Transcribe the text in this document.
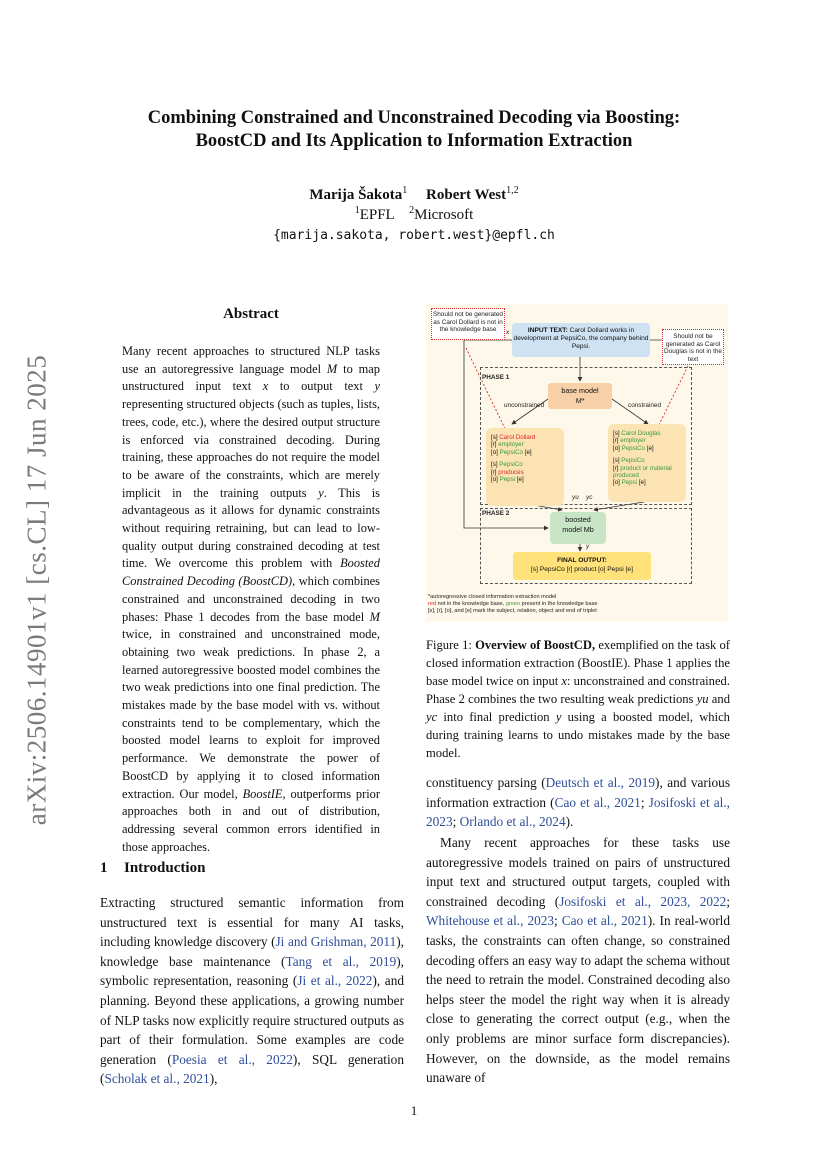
arXiv:2506.14901v1 [cs.CL] 17 Jun 2025
Combining Constrained and Unconstrained Decoding via Boosting:
BoostCD and Its Application to Information Extraction
Marija Šakota$^1$ Robert West$^{1,2}$
$^1$EPFL $^2$Microsoft
{marija.sakota, robert.west}@epfl.ch
Abstract
Many recent approaches to structured NLP tasks use an autoregressive language model M to map unstructured input text x to output text y representing structured objects (such as tuples, lists, trees, code, etc.), where the desired output structure is enforced via constrained decoding. During training, these approaches do not require the model to be aware of the constraints, which are merely implicit in the training outputs y. This is advantageous as it allows for dynamic constraints without requiring retraining, but can lead to low-quality output during constrained decoding at test time. We overcome this problem with Boosted Constrained Decoding (BoostCD), which combines constrained and unconstrained decoding in two phases: Phase 1 decodes from the base model M twice, in constrained and unconstrained mode, obtaining two weak predictions. In phase 2, a learned autoregressive boosted model combines the two weak predictions into one final prediction. The mistakes made by the base model with vs. without constraints tend to be complementary, which the boosted model learns to exploit for improved performance. We demonstrate the power of BoostCD by applying it to closed information extraction. Our model, BoostIE, outperforms prior approaches both in and out of distribution, addressing several common errors identified in those approaches.
1 Introduction
Extracting structured semantic information from unstructured text is essential for many AI tasks, including knowledge discovery (Ji and Grishman, 2011), knowledge base maintenance (Tang et al., 2019), symbolic representation, reasoning (Ji et al., 2022), and planning. Beyond these applications, a growing number of NLP tasks now explicitly require structured outputs as part of their formulation. Some examples are code generation (Poesia et al., 2022), SQL generation (Scholak et al., 2021),
Should not be generated as Carol Dollard is not in the knowledge base
Should not be generated as Carol Douglas is not in the text
x	INPUT TEXT: Carol Dollard works in development at PepsiCo, the company behind Pepsi.
PHASE 1
base model
M*
unconstrained	constrained
[s] Carol Dollard
[r] employer
[o] PepsiCo [e]
[s] PepsiCo
[r] produces
[o] Pepsi [e]
[s] Carol Douglas
[r] employer
[o] PepsiCo [e]
[s] PepsiCo
[r] product or material produced
[o] Pepsi [e]
yu yc
PHASE 2
boosted
model Mb
y
FINAL OUTPUT:
[s] PepsiCo [r] product [o] Pepsi [e]
*autoregressive closed information extraction model
red not in the knowledge base, green present in the knowledge base
[s], [r], [o], and [e] mark the subject, relation, object and end of triplet
Figure 1: Overview of BoostCD, exemplified on the task of closed information extraction (BoostIE). Phase 1 applies the base model twice on input x: unconstrained and constrained. Phase 2 combines the two resulting weak predictions yu and yc into final prediction y using a boosted model, which during training learns to undo mistakes made by the base model.
constituency parsing (Deutsch et al., 2019), and various information extraction (Cao et al., 2021; Josifoski et al., 2023; Orlando et al., 2024).
Many recent approaches for these tasks use autoregressive models trained on pairs of unstructured input text and structured output targets, coupled with constrained decoding (Josifoski et al., 2023, 2022; Whitehouse et al., 2023; Cao et al., 2021). In real-world tasks, the constraints can often change, so constrained decoding offers an easy way to adapt the schema without the need to retrain the model. Constrained decoding also helps steer the model the right way when it is already close to generating the correct output (e.g., when the only problems are minor surface form discrepancies). However, on the downside, as the model remains unaware of
1
